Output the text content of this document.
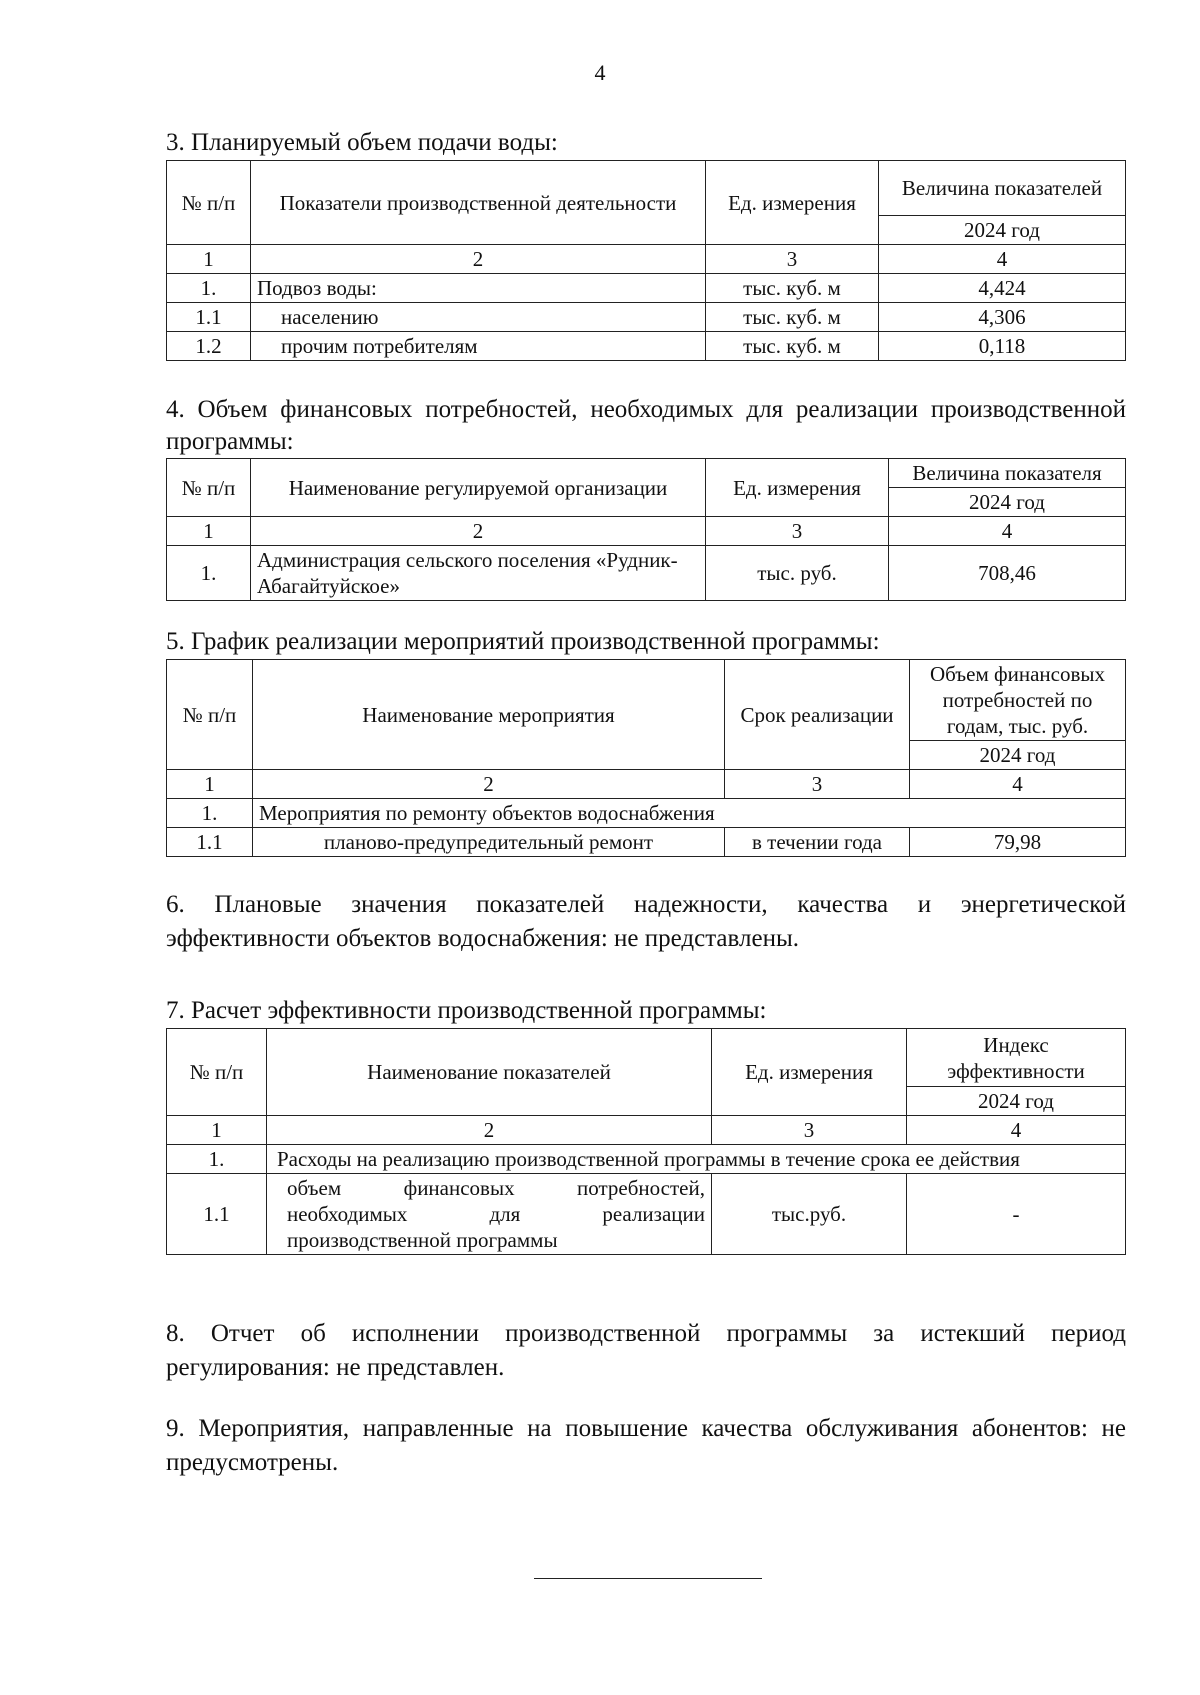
4
3. Планируемый объем подачи воды:
№ п/п	Показатели производственной деятельности	Ед. измерения	Величина показателей
			2024 год
1	2	3	4
1.	Подвоз воды:	тыс. куб. м	4,424
1.1	населению	тыс. куб. м	4,306
1.2	прочим потребителям	тыс. куб. м	0,118
4. Объем финансовых потребностей, необходимых для реализации производственной программы:
№ п/п	Наименование регулируемой организации	Ед. измерения	Величина показателя
			2024 год
1	2	3	4
1.	Администрация сельского поселения «Рудник-Абагайтуйское»	тыс. руб.	708,46
5. График реализации мероприятий производственной программы:
№ п/п	Наименование мероприятия	Срок реализации	Объем финансовых потребностей по годам, тыс. руб.
			2024 год
1	2	3	4
1.	Мероприятия по ремонту объектов водоснабжения		
1.1	планово-предупредительный ремонт	в течении года	79,98
6. Плановые значения показателей надежности, качества и энергетической эффективности объектов водоснабжения: не представлены.
7. Расчет эффективности производственной программы:
№ п/п	Наименование показателей	Ед. измерения	Индекс эффективности
			2024 год
1	2	3	4
1.	Расходы на реализацию производственной программы в течение срока ее действия		
1.1	объем финансовых потребностей, необходимых для реализации производственной программы	тыс.руб.	-
8. Отчет об исполнении производственной программы за истекший период регулирования: не представлен.
9. Мероприятия, направленные на повышение качества обслуживания абонентов: не предусмотрены.
